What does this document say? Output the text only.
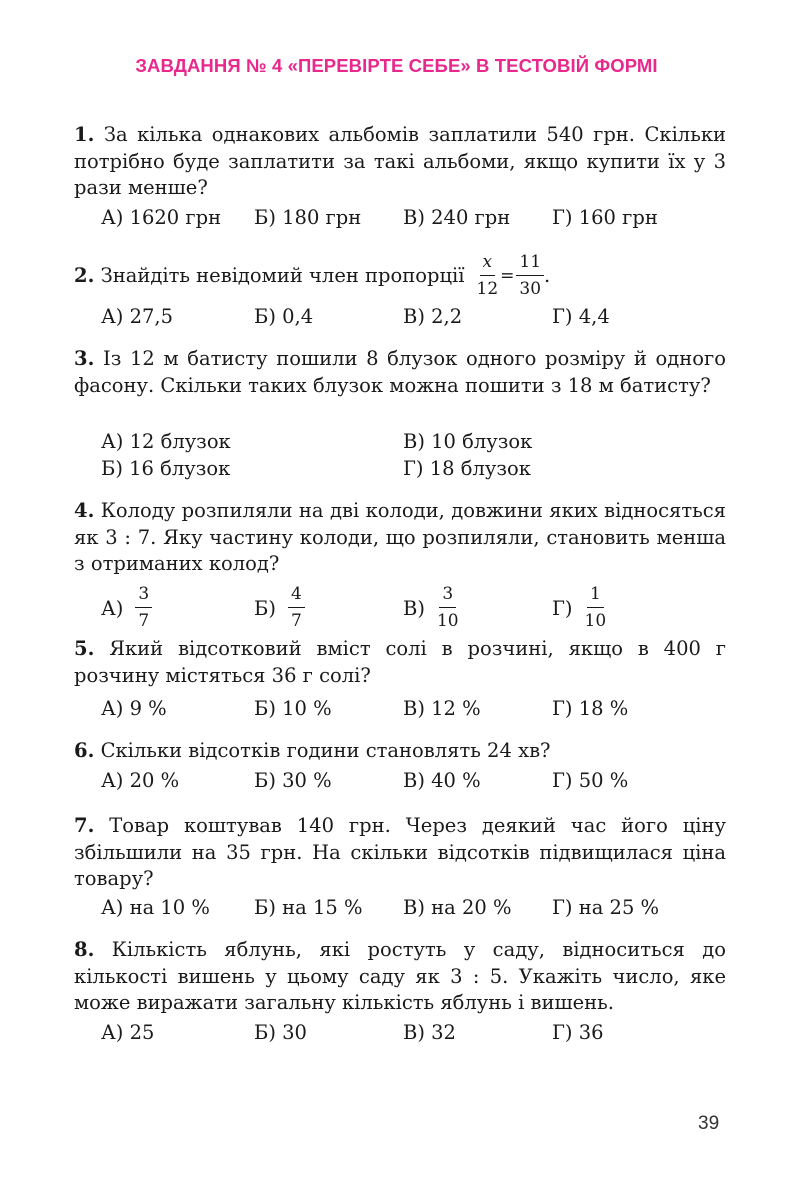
ЗАВДАННЯ № 4 «ПЕРЕВІРТЕ СЕБЕ» В ТЕСТОВІЙ ФОРМІ
1. За кілька однакових альбомів заплатили 540 грн. Скільки потрібно буде заплатити за такі альбоми, якщо купити їх у 3 рази менше?
А) 1620 грн Б) 180 грн В) 240 грн Г) 160 грн
2.
Знайдіть невідомий член пропорції $\frac{x}{12} = \frac{11}{30}$ .
А) 27,5	Б) 0,4	В) 2,2	Г) 4,4
3. Із 12 м батисту пошили 8 блузок одного розміру й одного фасону. Скільки таких блузок можна пошити з 18 м батисту?
А) 12 блузок	В) 10 блузок
Б) 16 блузок	Г) 18 блузок
4. Колоду розпиляли на дві колоди, довжини яких відносяться як 3 : 7. Яку частину колоди, що розпиляли, становить менша з отриманих колод?
$А) \frac{3}{7}$	$Б) \frac{4}{7}$	$В) \frac{3}{10}$	$Г) \frac{1}{10}$
5. Який відсотковий вміст солі в розчині, якщо в 400 г розчину містяться 36 г солі?
А) 9 %	Б) 10 %	В) 12 %	Г) 18 %
6. Скільки відсотків години становлять 24 хв?
А) 20 %	Б) 30 %	В) 40 %	Г) 50 %
7. Товар коштував 140 грн. Через деякий час його ціну збільшили на 35 грн. На скільки відсотків підвищилася ціна товару?
А) на 10 % Б) на 15 % В) на 20 % Г) на 25 %
8. Кількість яблунь, які ростуть у саду, відноситься до кількості вишень у цьому саду як 3 : 5. Укажіть число, яке може виражати загальну кількість яблунь і вишень.
А) 25	Б) 30	В) 32	Г) 36
39
